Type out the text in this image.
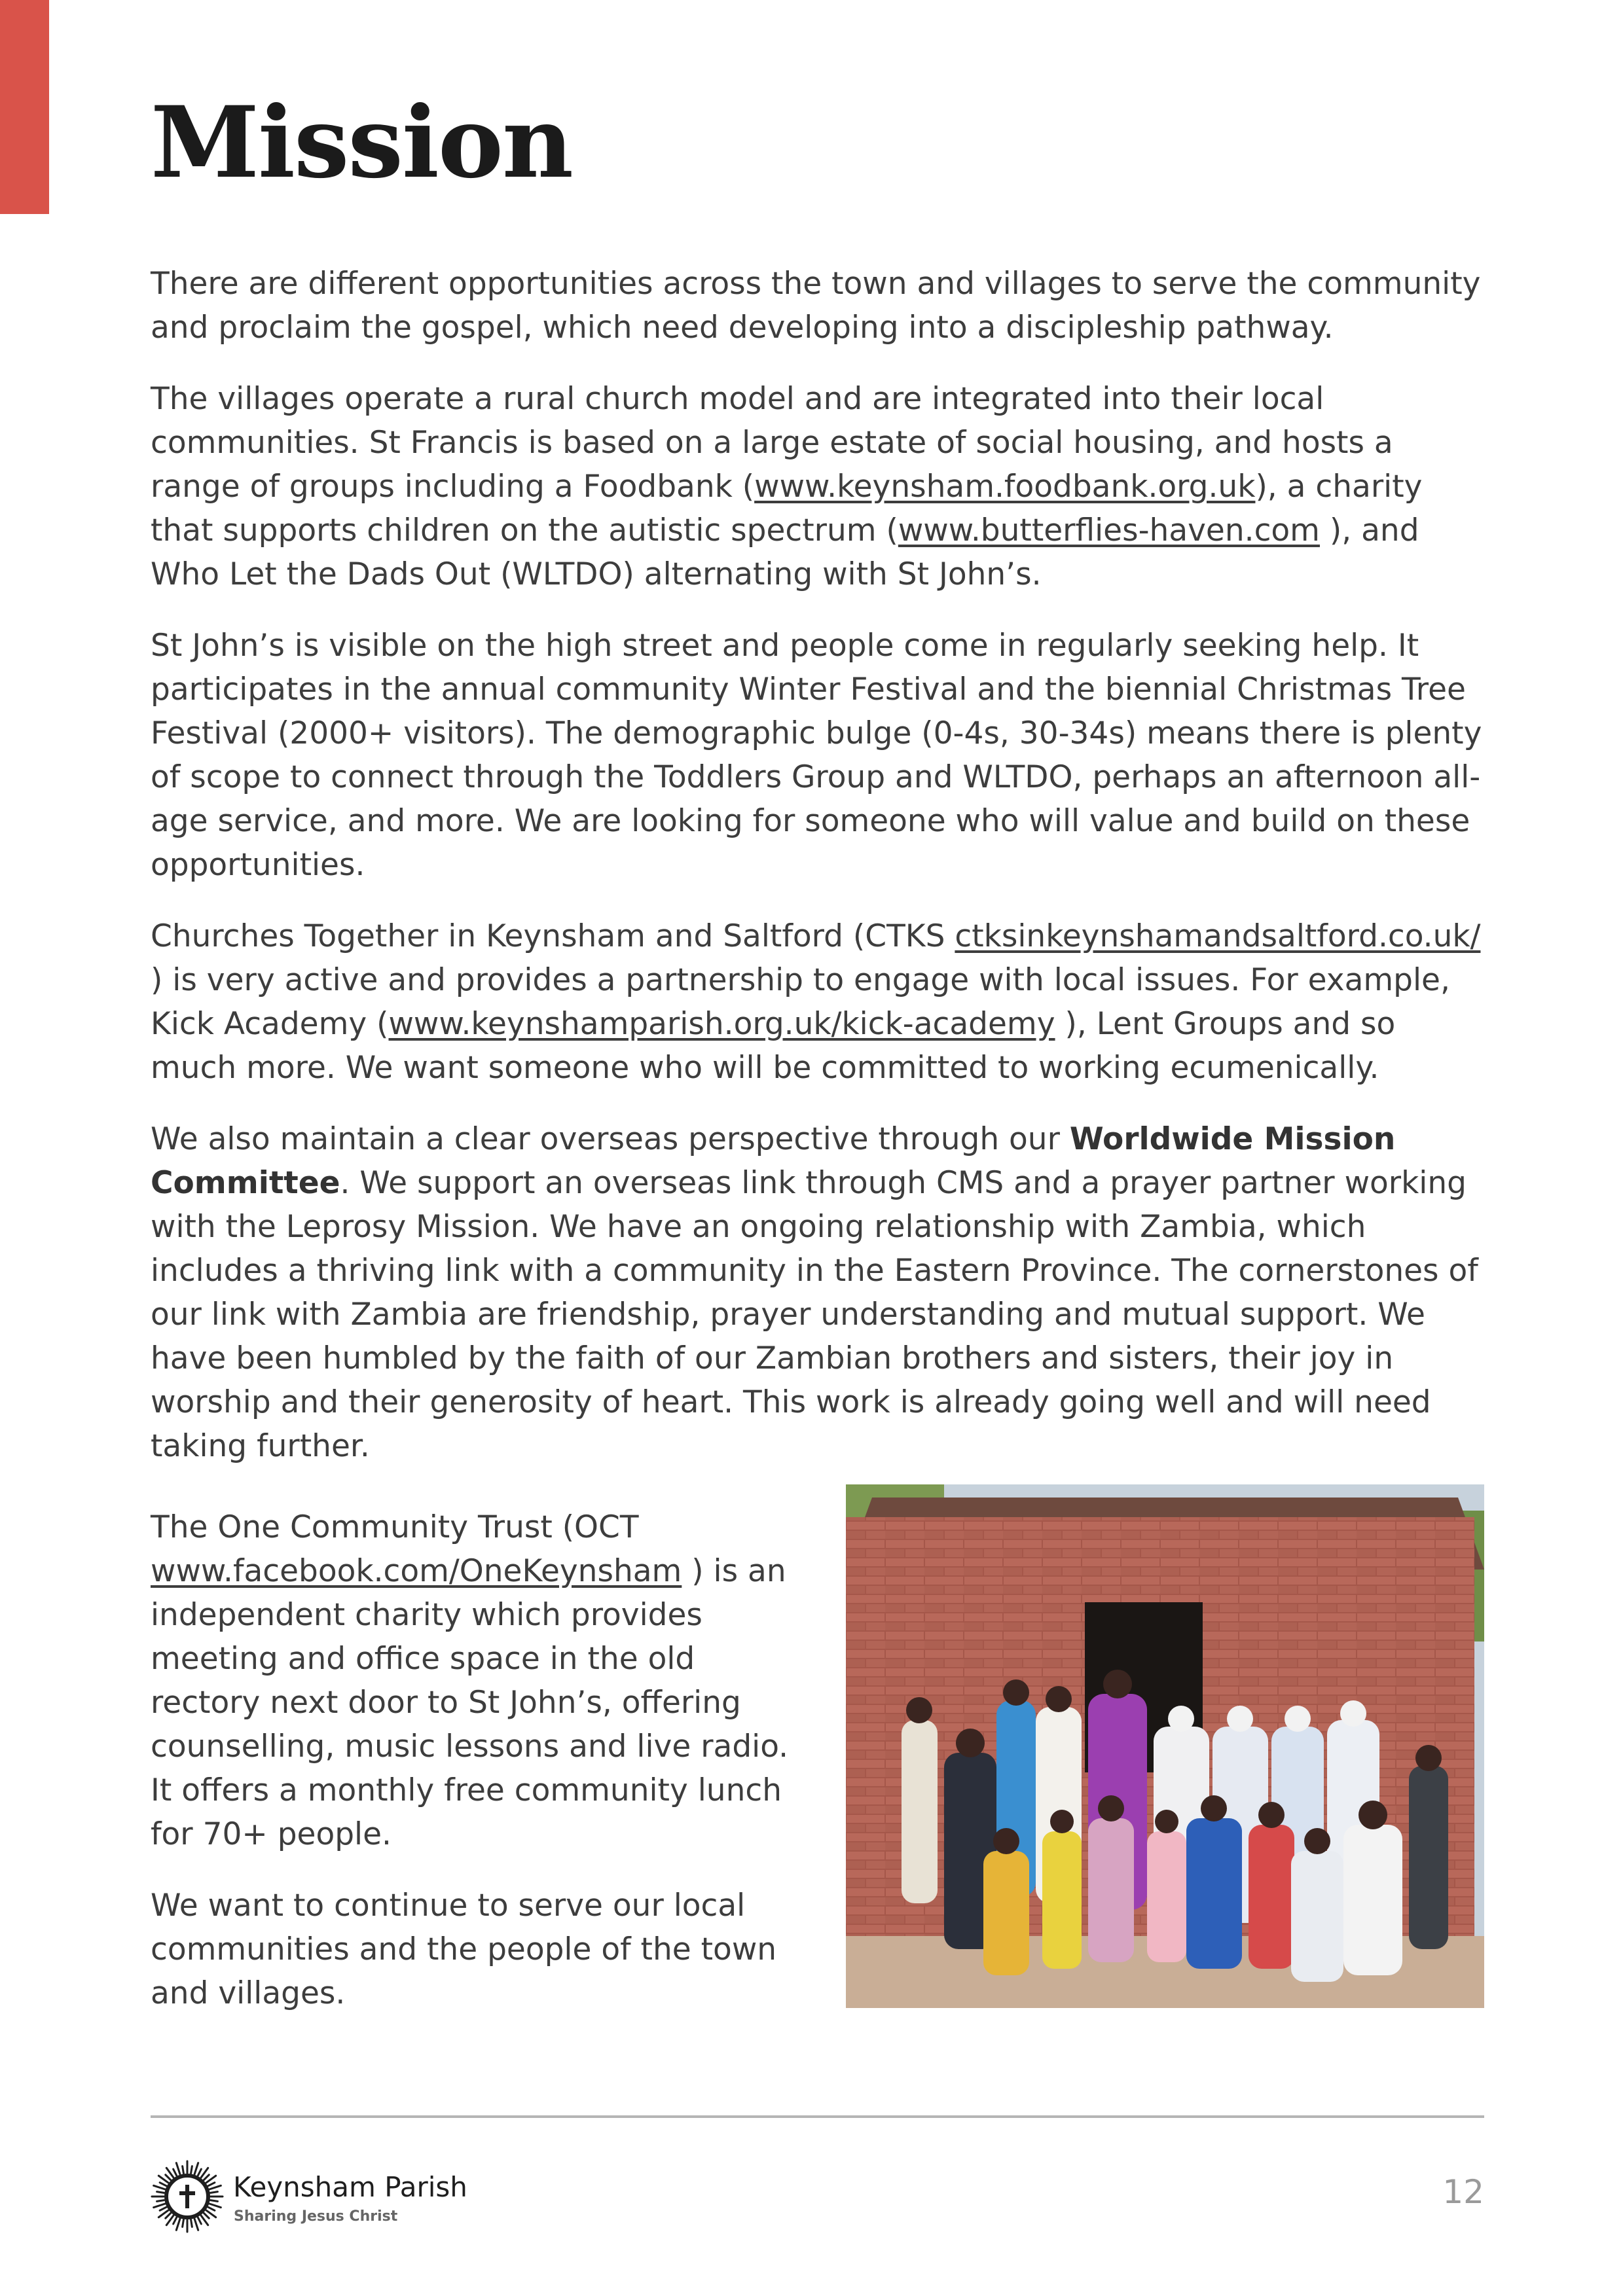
Mission

There are different opportunities across the town and villages to serve the community and proclaim the gospel, which need developing into a discipleship pathway.

The villages operate a rural church model and are integrated into their local communities. St Francis is based on a large estate of social housing, and hosts a range of groups including a Foodbank (www.keynsham.foodbank.org.uk), a charity that supports children on the autistic spectrum (www.butterflies-haven.com ), and Who Let the Dads Out (WLTDO) alternating with St John’s.

St John’s is visible on the high street and people come in regularly seeking help. It participates in the annual community Winter Festival and the biennial Christmas Tree Festival (2000+ visitors). The demographic bulge (0-4s, 30-34s) means there is plenty of scope to connect through the Toddlers Group and WLTDO, perhaps an afternoon all-age service, and more. We are looking for someone who will value and build on these opportunities.

Churches Together in Keynsham and Saltford (CTKS ctksinkeynshamandsaltford.co.uk/ ) is very active and provides a partnership to engage with local issues. For example, Kick Academy (www.keynshamparish.org.uk/kick-academy ), Lent Groups and so much more. We want someone who will be committed to working ecumenically.

We also maintain a clear overseas perspective through our Worldwide Mission Committee. We support an overseas link through CMS and a prayer partner working with the Leprosy Mission. We have an ongoing relationship with Zambia, which includes a thriving link with a community in the Eastern Province. The cornerstones of our link with Zambia are friendship, prayer understanding and mutual support. We have been humbled by the faith of our Zambian brothers and sisters, their joy in worship and their generosity of heart. This work is already going well and will need taking further.

The One Community Trust (OCT www.facebook.com/OneKeynsham ) is an independent charity which provides meeting and office space in the old rectory next door to St John’s, offering counselling, music lessons and live radio. It offers a monthly free community lunch for 70+ people.

We want to continue to serve our local communities and the people of the town and villages.

Keynsham Parish
Sharing Jesus Christ
12
